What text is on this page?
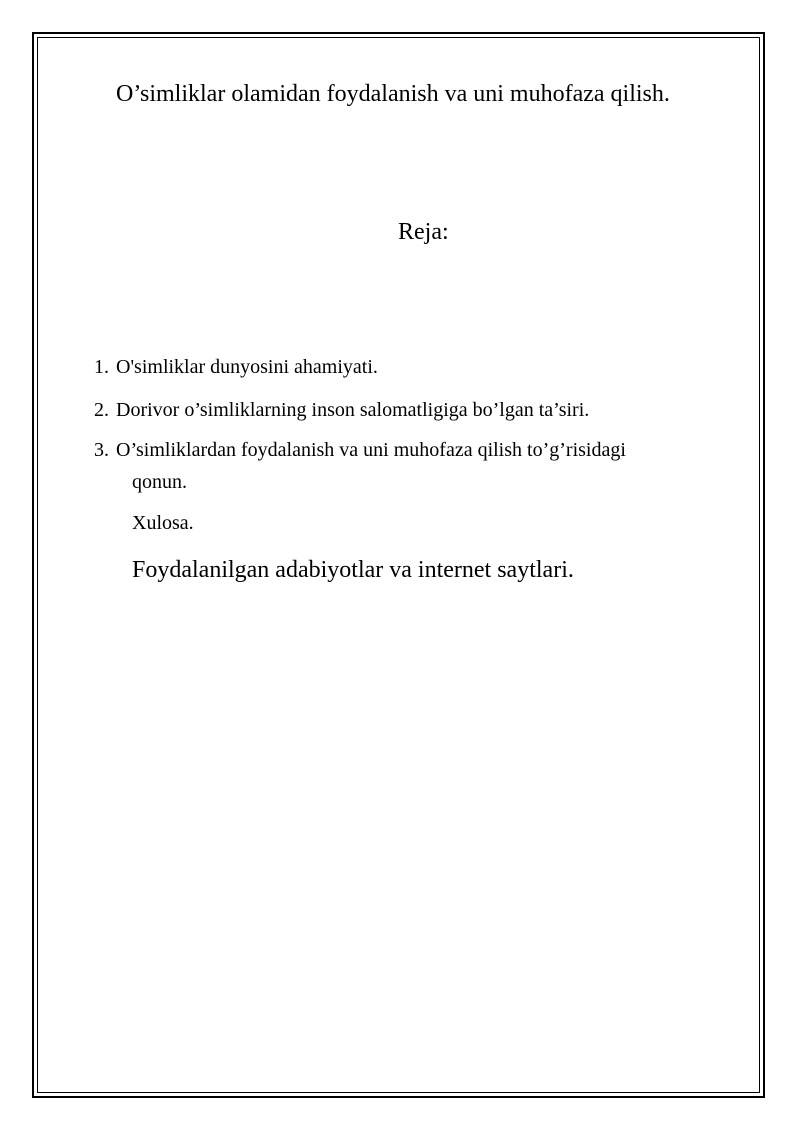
O’simliklar olamidan foydalanish va uni muhofaza qilish.
Reja:
1. O'simliklar dunyosini ahamiyati.
2. Dorivor o’simliklarning inson salomatligiga bo’lgan ta’siri.
3. O’simliklardan foydalanish va uni muhofaza qilish to’g’risidagi
qonun.
Xulosa.
Foydalanilgan adabiyotlar va internet saytlari.
